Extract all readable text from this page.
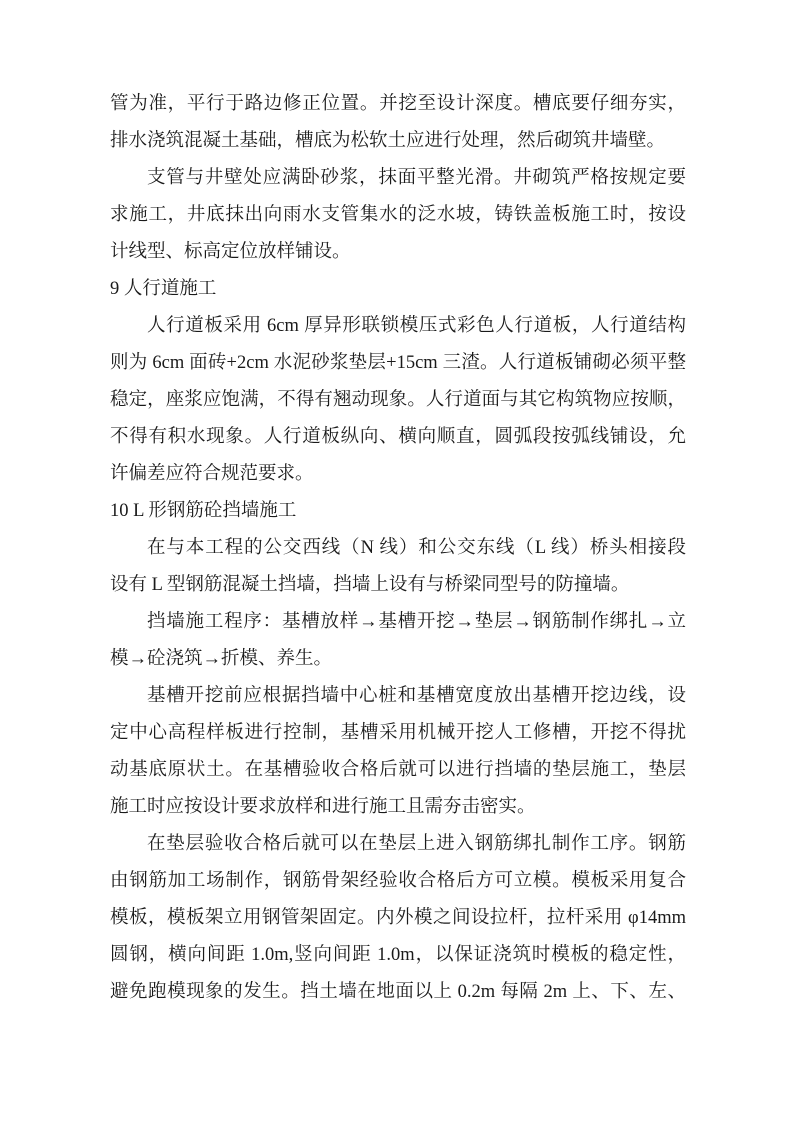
管为准，平行于路边修正位置。并挖至设计深度。槽底要仔细夯实，
排水浇筑混凝土基础，槽底为松软土应进行处理，然后砌筑井墙壁。
支管与井壁处应满卧砂浆，抹面平整光滑。井砌筑严格按规定要
求施工，井底抹出向雨水支管集水的泛水坡，铸铁盖板施工时，按设
计线型、标高定位放样铺设。
9 人行道施工
人行道板采用 6cm 厚异形联锁模压式彩色人行道板，人行道结构
则为 6cm 面砖+2cm 水泥砂浆垫层+15cm 三渣。人行道板铺砌必须平整
稳定，座浆应饱满，不得有翘动现象。人行道面与其它构筑物应按顺，
不得有积水现象。人行道板纵向、横向顺直，圆弧段按弧线铺设，允
许偏差应符合规范要求。
10 L 形钢筋砼挡墙施工
在与本工程的公交西线（N 线）和公交东线（L 线）桥头相接段
设有 L 型钢筋混凝土挡墙，挡墙上设有与桥梁同型号的防撞墙。
挡墙施工程序：基槽放样→基槽开挖→垫层→钢筋制作绑扎→立
模→砼浇筑→折模、养生。
基槽开挖前应根据挡墙中心桩和基槽宽度放出基槽开挖边线，设
定中心高程样板进行控制，基槽采用机械开挖人工修槽，开挖不得扰
动基底原状土。在基槽验收合格后就可以进行挡墙的垫层施工，垫层
施工时应按设计要求放样和进行施工且需夯击密实。
在垫层验收合格后就可以在垫层上进入钢筋绑扎制作工序。钢筋
由钢筋加工场制作，钢筋骨架经验收合格后方可立模。模板采用复合
模板，模板架立用钢管架固定。内外模之间设拉杆，拉杆采用 φ14mm
圆钢，横向间距 1.0m,竖向间距 1.0m，以保证浇筑时模板的稳定性，
避免跑模现象的发生。挡土墙在地面以上 0.2m 每隔 2m 上、下、左、
